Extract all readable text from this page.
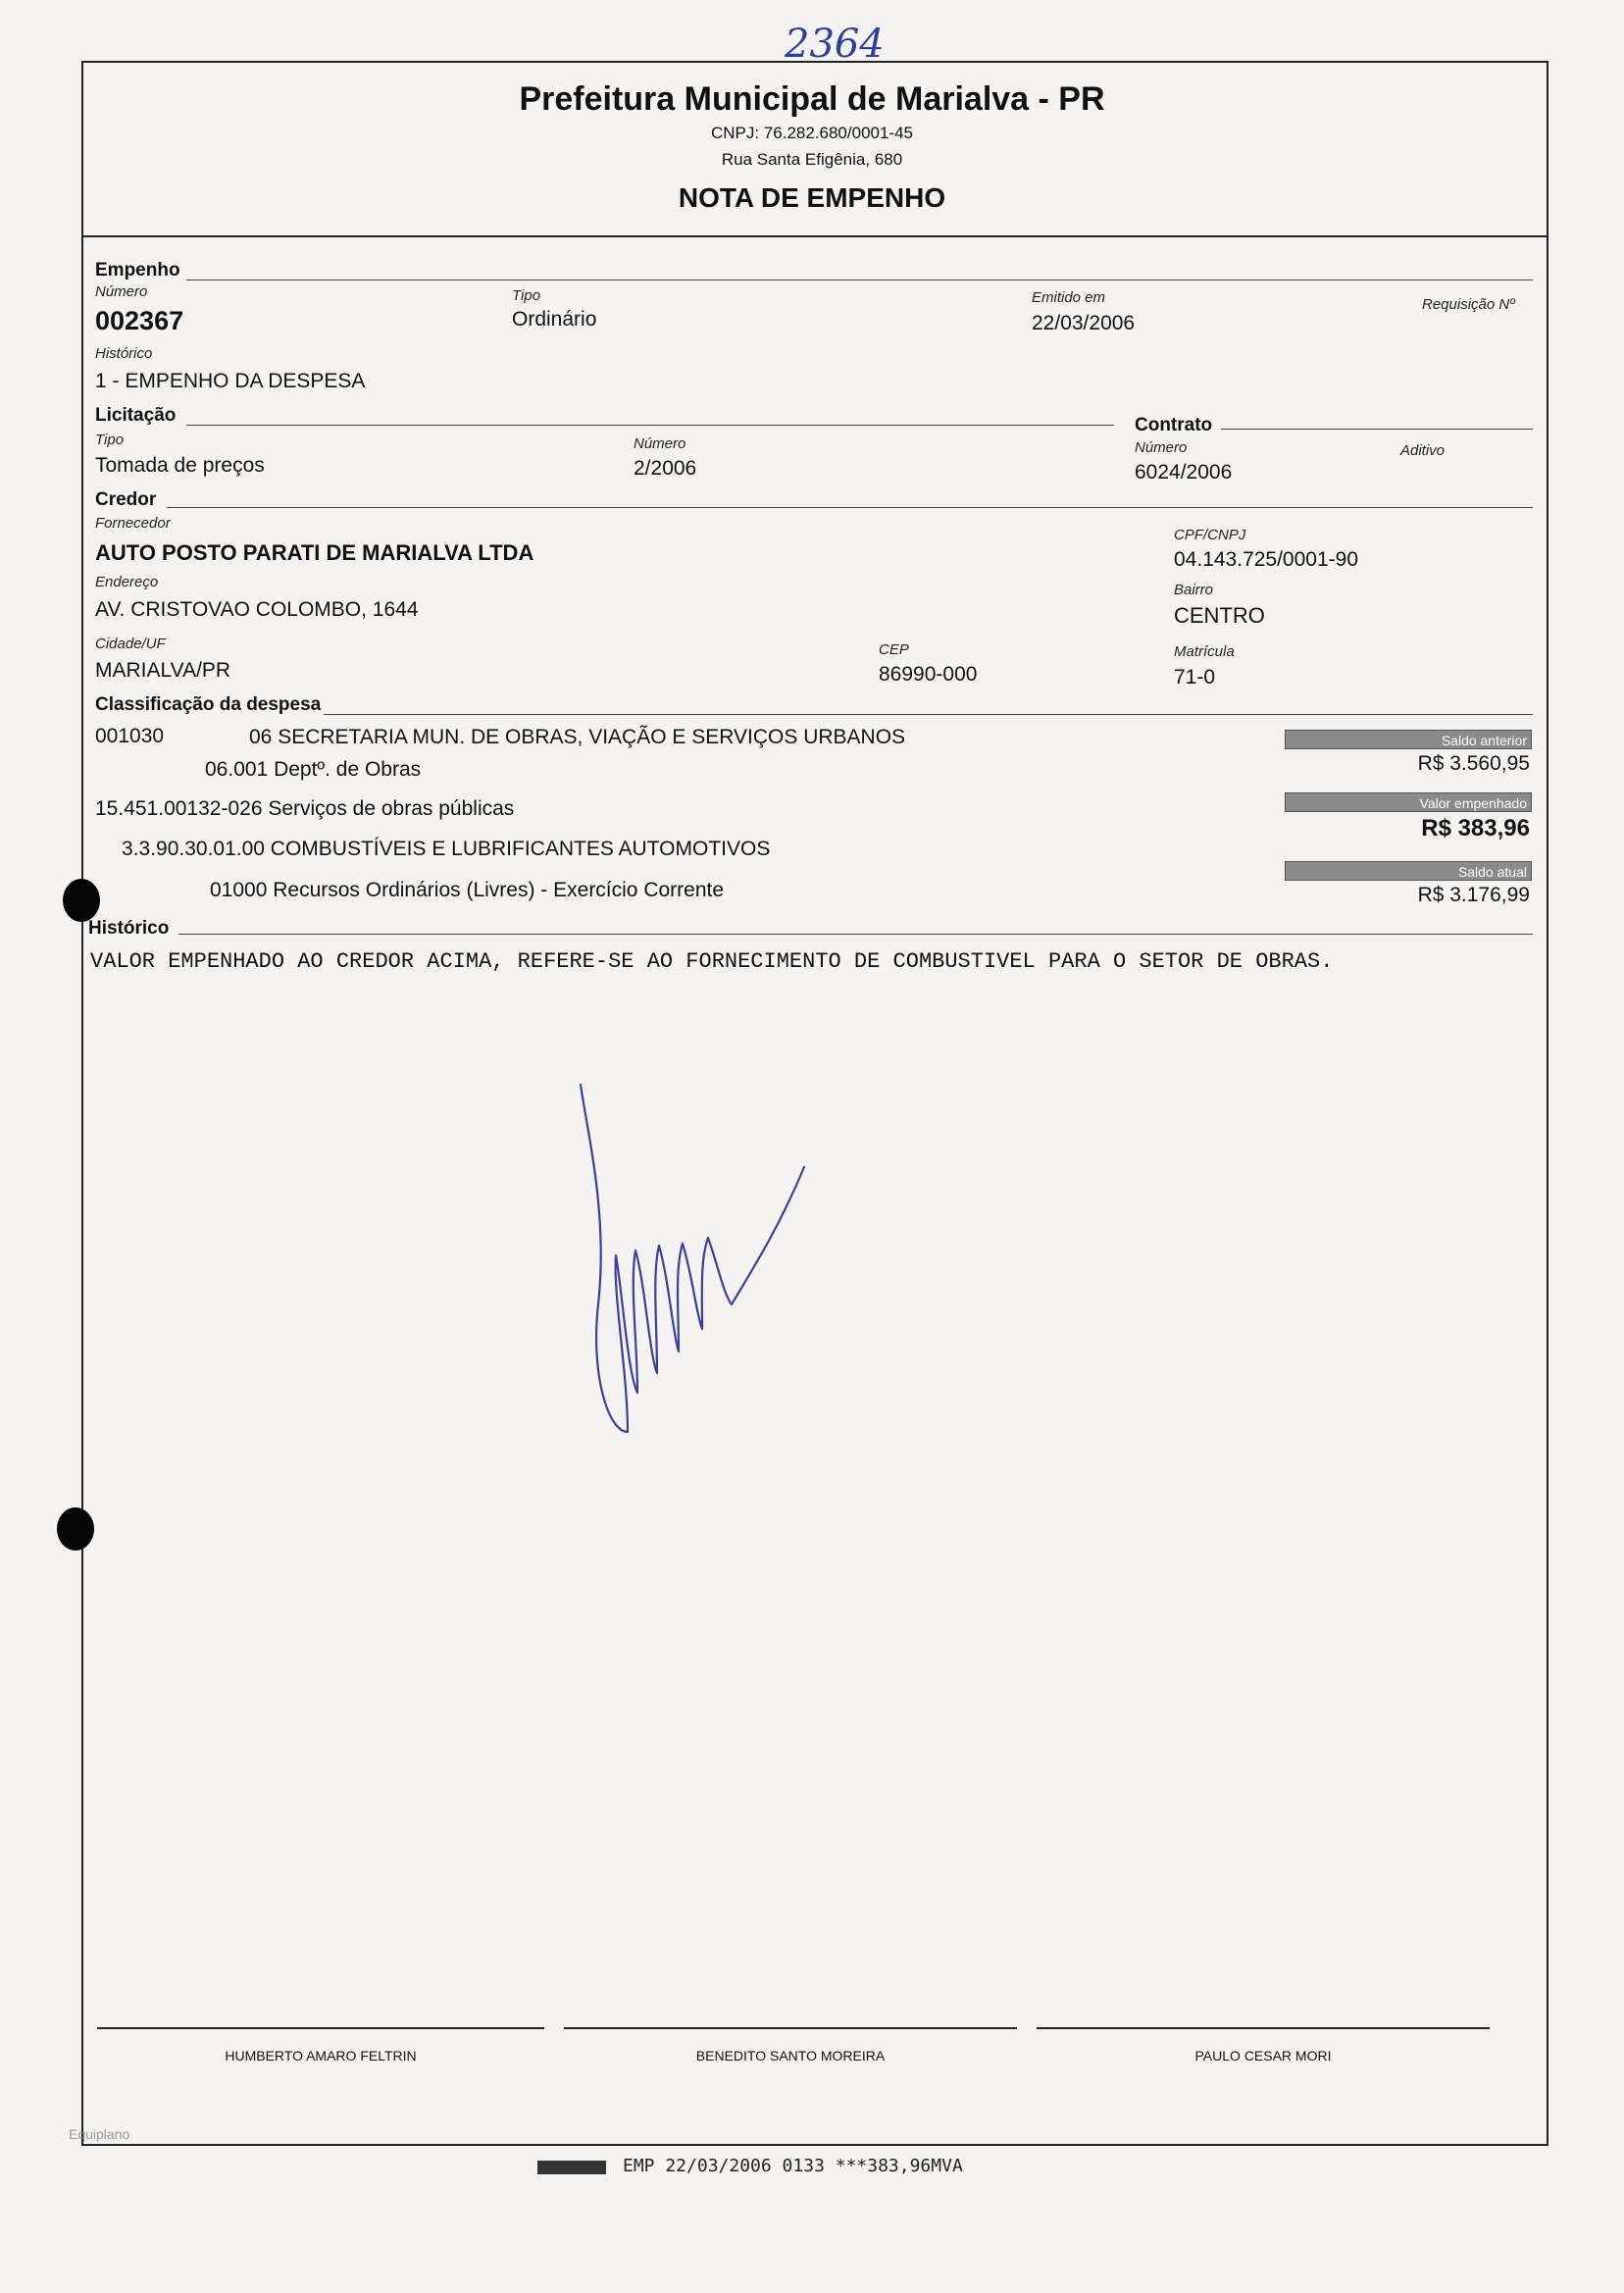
2364
Prefeitura Municipal de Marialva - PR
CNPJ: 76.282.680/0001-45
Rua Santa Efigênia, 680
NOTA DE EMPENHO
Empenho
Número
002367
Tipo
Ordinário
Emitido em
22/03/2006
Requisição Nº
Histórico
1 - EMPENHO DA DESPESA
Licitação
Tipo
Tomada de preços
Número
2/2006
Contrato
Número
6024/2006
Aditivo
Credor
Fornecedor
AUTO POSTO PARATI DE MARIALVA LTDA
CPF/CNPJ
04.143.725/0001-90
Endereço
AV. CRISTOVAO COLOMBO, 1644
Bairro
CENTRO
Cidade/UF
MARIALVA/PR
CEP
86990-000
Matrícula
71-0
Classificação da despesa
001030	06 SECRETARIA MUN. DE OBRAS, VIAÇÃO E SERVIÇOS URBANOS
06.001 Deptº. de Obras
15.451.00132-026 Serviços de obras públicas
3.3.90.30.01.00 COMBUSTÍVEIS E LUBRIFICANTES AUTOMOTIVOS
01000 Recursos Ordinários (Livres) - Exercício Corrente
Saldo anterior
R$ 3.560,95
Valor empenhado
R$ 383,96
Saldo atual
R$ 3.176,99
Histórico
VALOR EMPENHADO AO CREDOR ACIMA, REFERE-SE AO FORNECIMENTO DE COMBUSTIVEL PARA O SETOR DE OBRAS.
HUMBERTO AMARO FELTRIN	BENEDITO SANTO MOREIRA	PAULO CESAR MORI
Equiplano
EMP 22/03/2006 0133 ***383,96MVA
